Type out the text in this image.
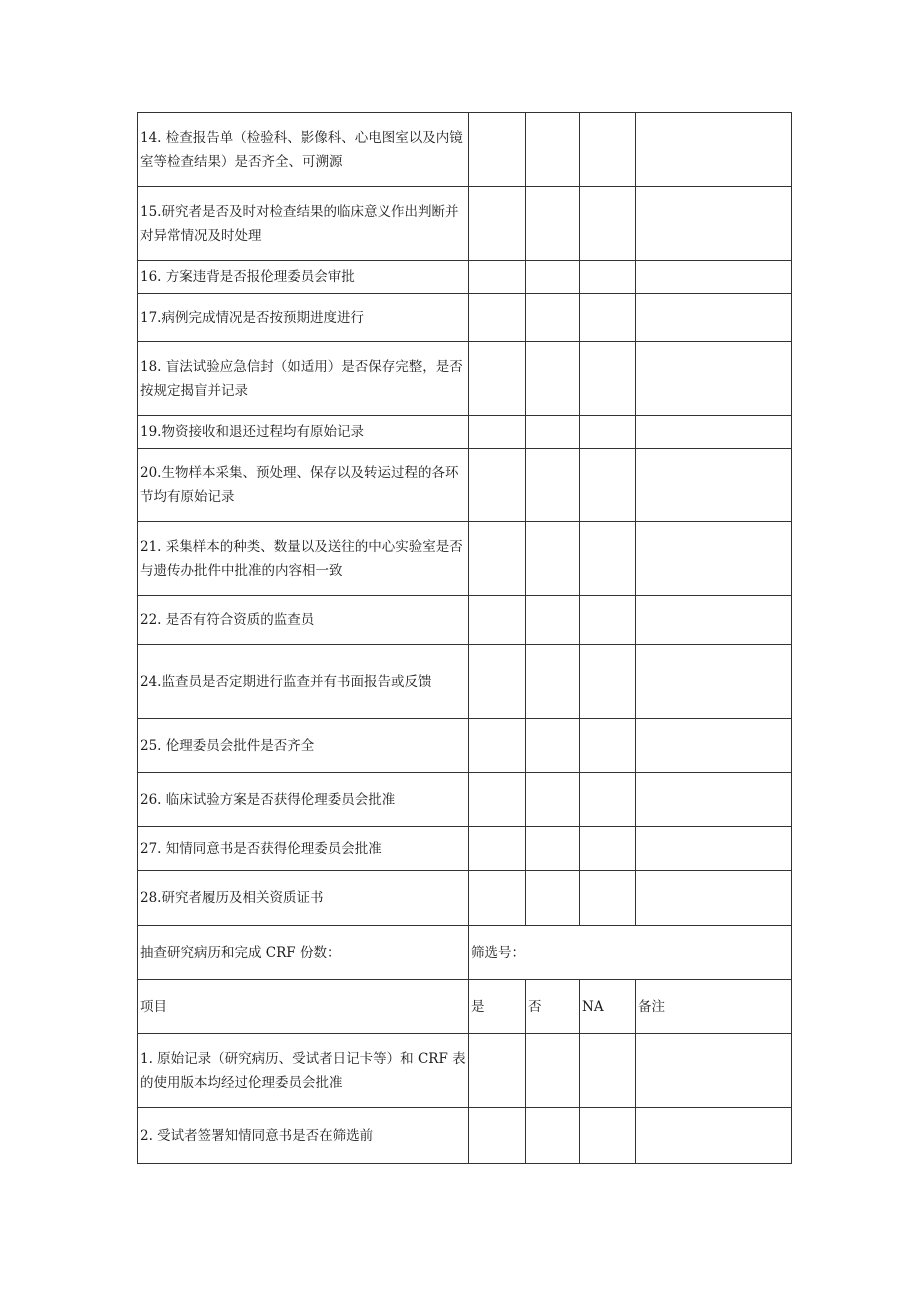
14. 检查报告单（检验科、影像科、心电图室以及内镜室等检查结果）是否齐全、可溯源				
15.研究者是否及时对检查结果的临床意义作出判断并对异常情况及时处理				
16. 方案违背是否报伦理委员会审批				
17.病例完成情况是否按预期进度进行				
18. 盲法试验应急信封（如适用）是否保存完整，是否按规定揭盲并记录				
19.物资接收和退还过程均有原始记录				
20.生物样本采集、预处理、保存以及转运过程的各环节均有原始记录				
21. 采集样本的种类、数量以及送往的中心实验室是否与遗传办批件中批准的内容相一致				
22. 是否有符合资质的监查员				
24.监查员是否定期进行监查并有书面报告或反馈				
25. 伦理委员会批件是否齐全				
26. 临床试验方案是否获得伦理委员会批准				
27. 知情同意书是否获得伦理委员会批准				
28.研究者履历及相关资质证书				
抽查研究病历和完成 CRF 份数：	筛选号：			
项目	是	否	NA	备注
1. 原始记录（研究病历、受试者日记卡等）和 CRF 表的使用版本均经过伦理委员会批准				
2. 受试者签署知情同意书是否在筛选前				
